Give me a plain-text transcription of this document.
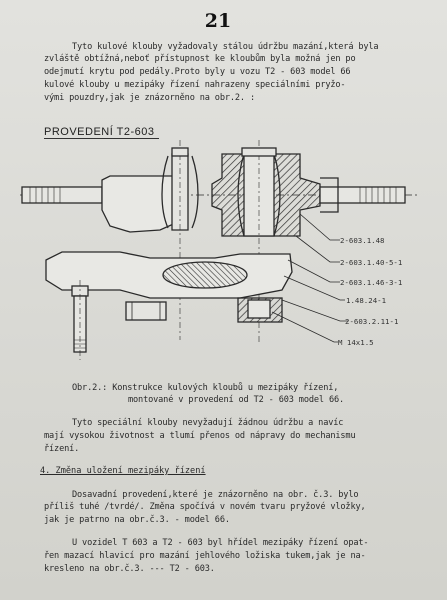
21
Tyto kulové klouby vyžadovaly stálou údržbu mazání,která byla
zvláště obtížná,neboť přístupnost ke kloubům byla možná jen po
odejmutí krytu pod pedály.Proto byly u vozu T2 - 603 model 66
kulové klouby u mezipáky řízení nahrazeny speciálními pryžo-
vými pouzdry,jak je znázorněno na obr.2. :
PROVEDENÍ T2-603
2-603.1.48
2-603.1.40-5-1
2-603.1.46-3-1
1.48.24-1
2-603.2.11-1
M 14x1.5
Obr.2.: Konstrukce kulových kloubů u mezipáky řízení,
montované v provedení od T2 - 603 model 66.
Tyto speciální klouby nevyžadují žádnou údržbu a navíc
mají vysokou životnost a tlumí přenos od nápravy do mechanismu
řízení.
4. Změna uložení mezipáky řízení
Dosavadní provedení,které je znázorněno na obr. č.3. bylo
příliš tuhé /tvrdé/. Změna spočívá v novém tvaru pryžové vložky,
jak je patrno na obr.č.3. - model 66.
U vozidel T 603 a T2 - 603 byl hřídel mezipáky řízení opat-
řen mazací hlavicí pro mazání jehlového ložiska tukem,jak je na-
kresleno na obr.č.3. --- T2 - 603.
